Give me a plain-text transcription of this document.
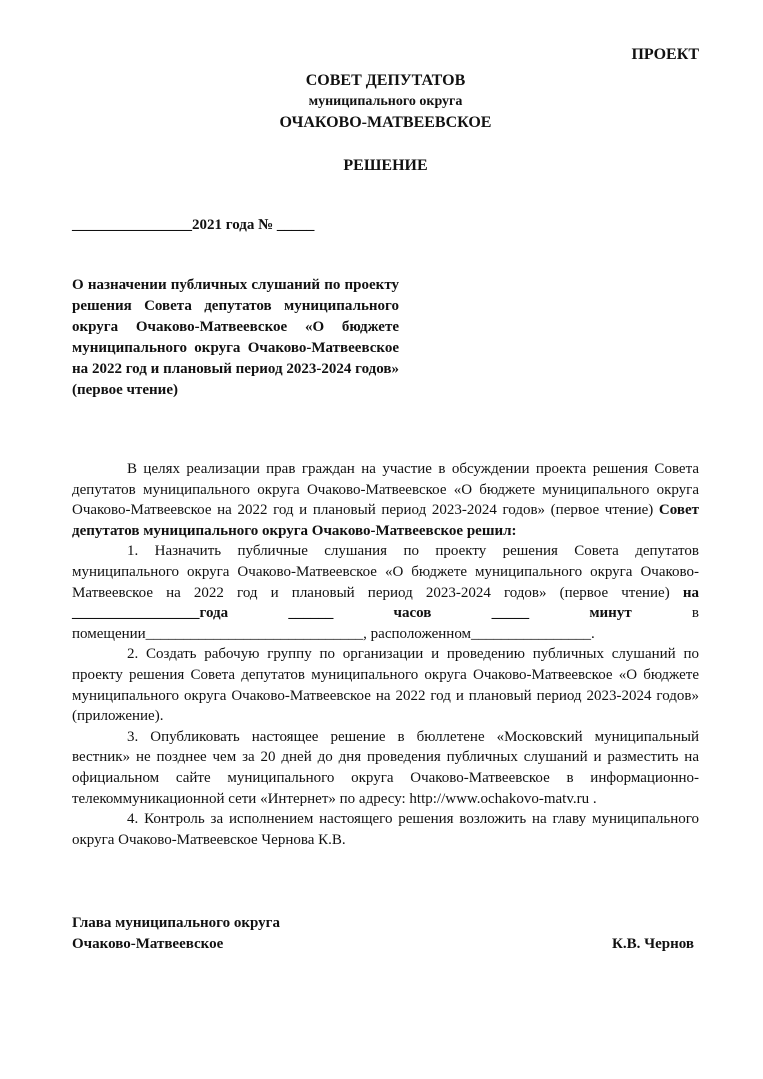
ПРОЕКТ
СОВЕТ ДЕПУТАТОВ
муниципального округа
ОЧАКОВО-МАТВЕЕВСКОЕ
РЕШЕНИЕ
________________2021 года № _____
О назначении публичных слушаний по проекту решения Совета депутатов муниципального округа Очаково-Матвеевское «О бюджете муниципального округа Очаково-Матвеевское на 2022 год и плановый период 2023-2024 годов» (первое чтение)

В целях реализации прав граждан на участие в обсуждении проекта решения Совета депутатов муниципального округа Очаково-Матвеевское «О бюджете муниципального округа Очаково-Матвеевское на 2022 год и плановый период 2023-2024 годов» (первое чтение) Совет депутатов муниципального округа Очаково-Матвеевское решил:

1. Назначить публичные слушания по проекту решения Совета депутатов муниципального округа Очаково-Матвеевское «О бюджете муниципального округа Очаково-Матвеевское на 2022 год и плановый период 2023-2024 годов» (первое чтение) на _________________года ______ часов _____ минут в помещении_____________________________, расположенном________________.

2. Создать рабочую группу по организации и проведению публичных слушаний по проекту решения Совета депутатов муниципального округа Очаково-Матвеевское «О бюджете муниципального округа Очаково-Матвеевское на 2022 год и плановый период 2023-2024 годов» (приложение).

3. Опубликовать настоящее решение в бюллетене «Московский муниципальный вестник» не позднее чем за 20 дней до дня проведения публичных слушаний и разместить на официальном сайте муниципального округа Очаково-Матвеевское в информационно-телекоммуникационной сети «Интернет» по адресу: http://www.ochakovo-matv.ru .

4. Контроль за исполнением настоящего решения возложить на главу муниципального округа Очаково-Матвеевское Чернова К.В.

Глава муниципального округа
Очаково-Матвеевское	К.В. Чернов
